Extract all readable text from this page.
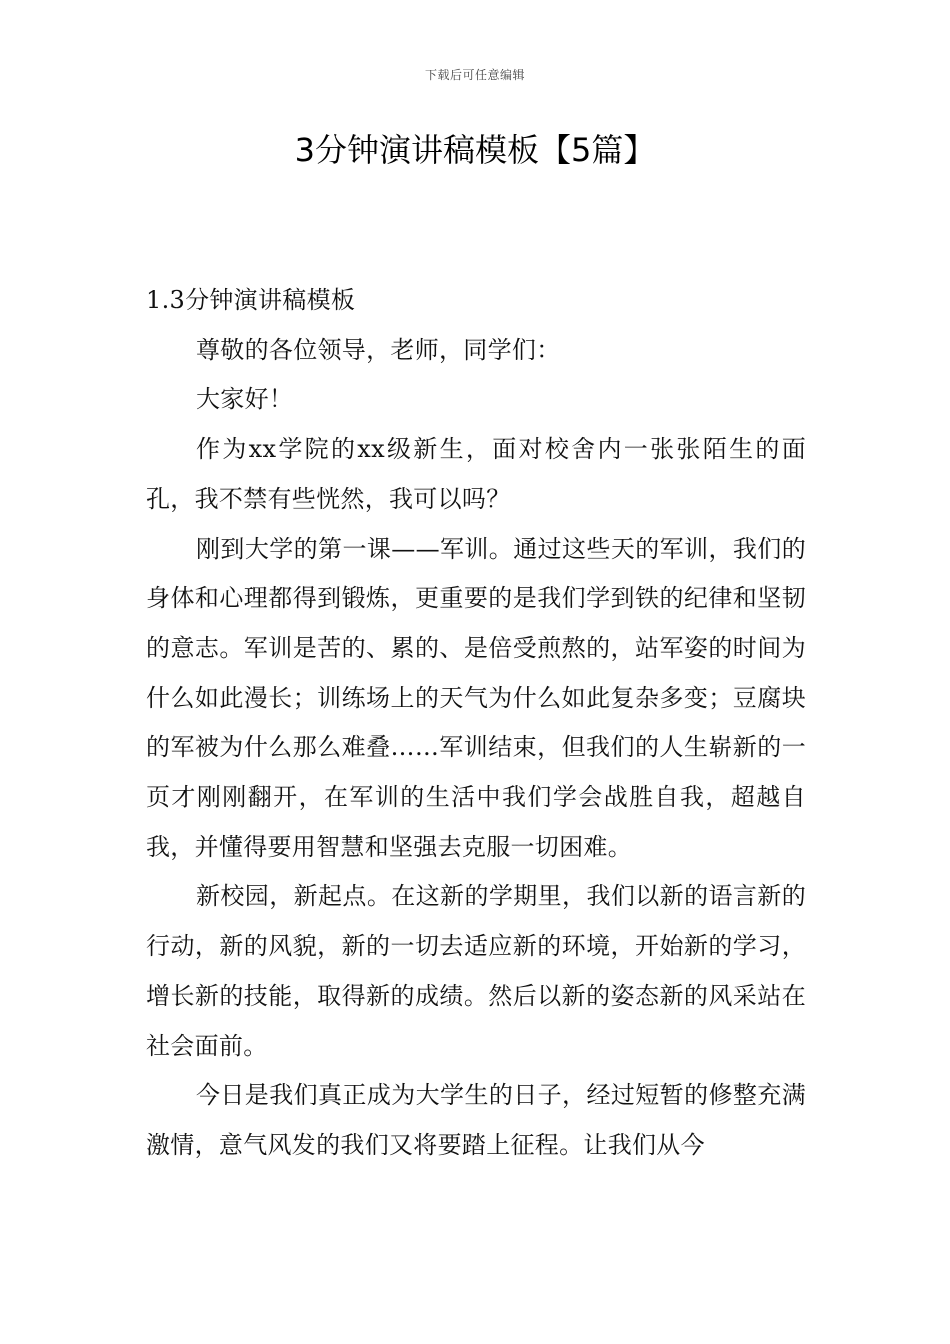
下载后可任意编辑
3分钟演讲稿模板【5篇】

1.3分钟演讲稿模板

尊敬的各位领导，老师，同学们：

大家好！

作为xx学院的xx级新生，面对校舍内一张张陌生的面孔，我不禁有些恍然，我可以吗？

刚到大学的第一课——军训。通过这些天的军训，我们的身体和心理都得到锻炼，更重要的是我们学到铁的纪律和坚韧的意志。军训是苦的、累的、是倍受煎熬的，站军姿的时间为什么如此漫长；训练场上的天气为什么如此复杂多变；豆腐块的军被为什么那么难叠……军训结束，但我们的人生崭新的一页才刚刚翻开，在军训的生活中我们学会战胜自我，超越自我，并懂得要用智慧和坚强去克服一切困难。

新校园，新起点。在这新的学期里，我们以新的语言新的行动，新的风貌，新的一切去适应新的环境，开始新的学习，增长新的技能，取得新的成绩。然后以新的姿态新的风采站在社会面前。

今日是我们真正成为大学生的日子，经过短暂的修整充满激情，意气风发的我们又将要踏上征程。让我们从今
